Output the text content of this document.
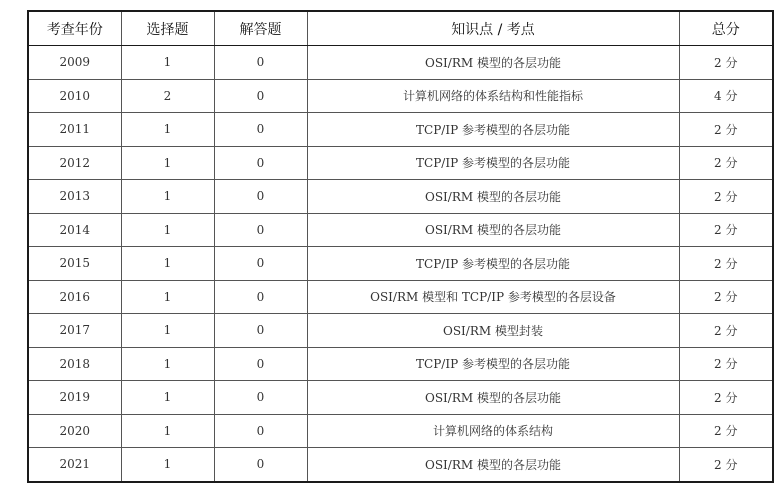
考查年份	选择题	解答题	知识点 / 考点	总分
2009	1	0	OSI/RM 模型的各层功能	2 分
2010	2	0	计算机网络的体系结构和性能指标	4 分
2011	1	0	TCP/IP 参考模型的各层功能	2 分
2012	1	0	TCP/IP 参考模型的各层功能	2 分
2013	1	0	OSI/RM 模型的各层功能	2 分
2014	1	0	OSI/RM 模型的各层功能	2 分
2015	1	0	TCP/IP 参考模型的各层功能	2 分
2016	1	0	OSI/RM 模型和 TCP/IP 参考模型的各层设备	2 分
2017	1	0	OSI/RM 模型封装	2 分
2018	1	0	TCP/IP 参考模型的各层功能	2 分
2019	1	0	OSI/RM 模型的各层功能	2 分
2020	1	0	计算机网络的体系结构	2 分
2021	1	0	OSI/RM 模型的各层功能	2 分
